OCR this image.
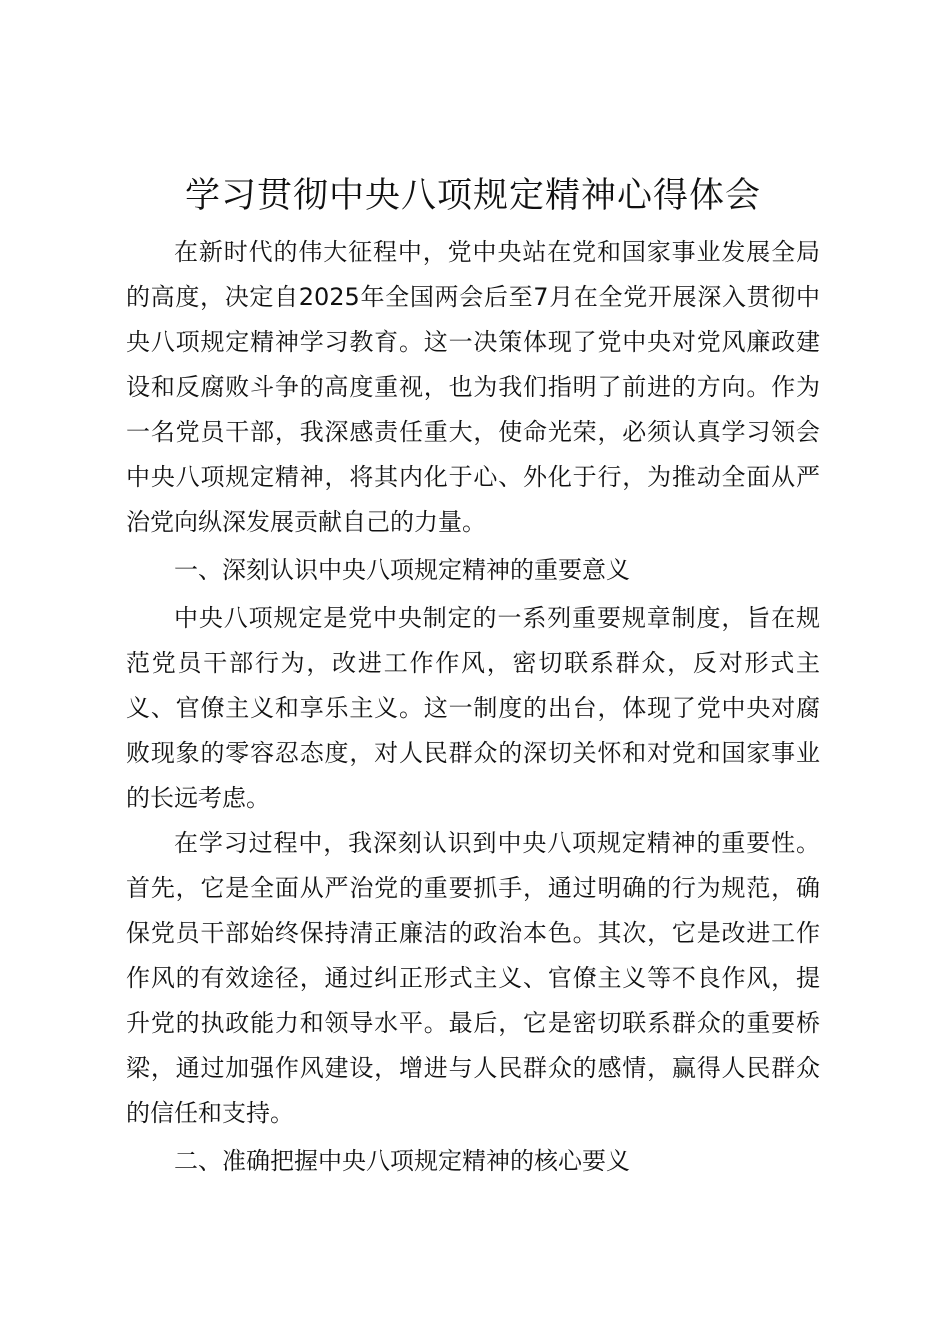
学习贯彻中央八项规定精神心得体会

在新时代的伟大征程中，党中央站在党和国家事业发展全局的高度，决定自2025年全国两会后至7月在全党开展深入贯彻中央八项规定精神学习教育。这一决策体现了党中央对党风廉政建设和反腐败斗争的高度重视，也为我们指明了前进的方向。作为一名党员干部，我深感责任重大，使命光荣，必须认真学习领会中央八项规定精神，将其内化于心、外化于行，为推动全面从严治党向纵深发展贡献自己的力量。

一、深刻认识中央八项规定精神的重要意义

中央八项规定是党中央制定的一系列重要规章制度，旨在规范党员干部行为，改进工作作风，密切联系群众，反对形式主义、官僚主义和享乐主义。这一制度的出台，体现了党中央对腐败现象的零容忍态度，对人民群众的深切关怀和对党和国家事业的长远考虑。

在学习过程中，我深刻认识到中央八项规定精神的重要性。首先，它是全面从严治党的重要抓手，通过明确的行为规范，确保党员干部始终保持清正廉洁的政治本色。其次，它是改进工作作风的有效途径，通过纠正形式主义、官僚主义等不良作风，提升党的执政能力和领导水平。最后，它是密切联系群众的重要桥梁，通过加强作风建设，增进与人民群众的感情，赢得人民群众的信任和支持。

二、准确把握中央八项规定精神的核心要义
